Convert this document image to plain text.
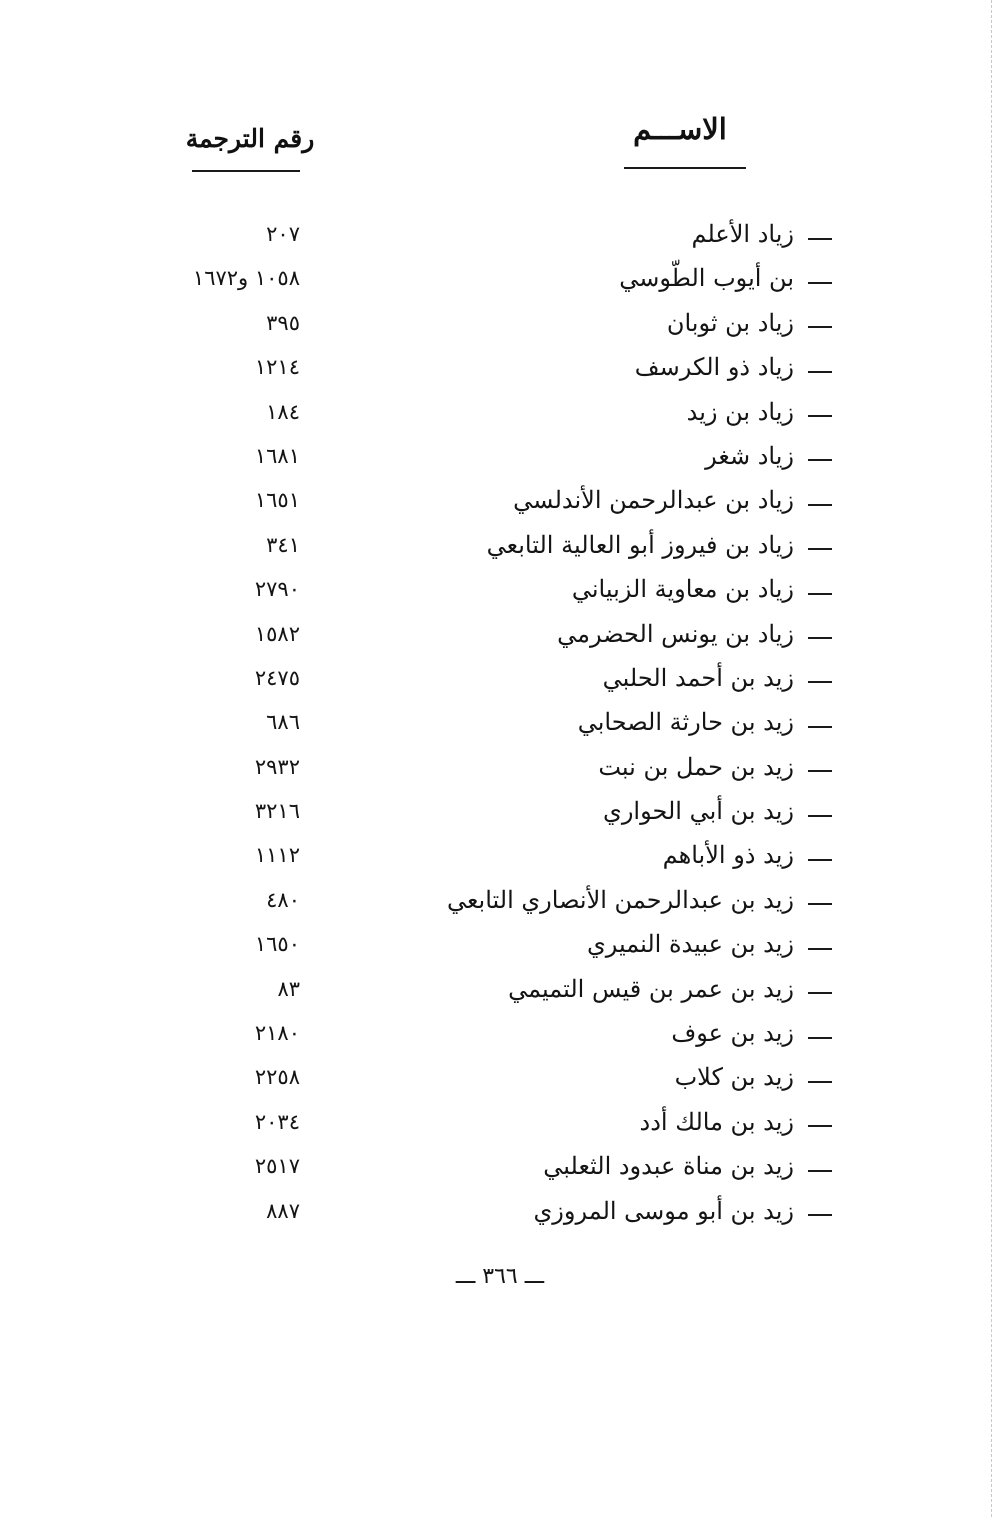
الاســـم
رقم الترجمة
زياد الأعلم
٢٠٧
بن أيوب الطّوسي
١٠٥٨ و١٦٧٢
زياد بن ثوبان
٣٩٥
زياد ذو الكرسف
١٢١٤
زياد بن زيد
١٨٤
زياد شغر
١٦٨١
زياد بن عبدالرحمن الأندلسي
١٦٥١
زياد بن فيروز أبو العالية التابعي
٣٤١
زياد بن معاوية الزبياني
٢٧٩٠
زياد بن يونس الحضرمي
١٥٨٢
زيد بن أحمد الحلبي
٢٤٧٥
زيد بن حارثة الصحابي
٦٨٦
زيد بن حمل بن نبت
٢٩٣٢
زيد بن أبي الحواري
٣٢١٦
زيد ذو الأباهم
١١١٢
زيد بن عبدالرحمن الأنصاري التابعي
٤٨٠
زيد بن عبيدة النميري
١٦٥٠
زيد بن عمر بن قيس التميمي
٨٣
زيد بن عوف
٢١٨٠
زيد بن كلاب
٢٢٥٨
زيد بن مالك أدد
٢٠٣٤
زيد بن مناة عبدود الثعلبي
٢٥١٧
زيد بن أبو موسى المروزي
٨٨٧
ـــ ٣٦٦ ـــ
